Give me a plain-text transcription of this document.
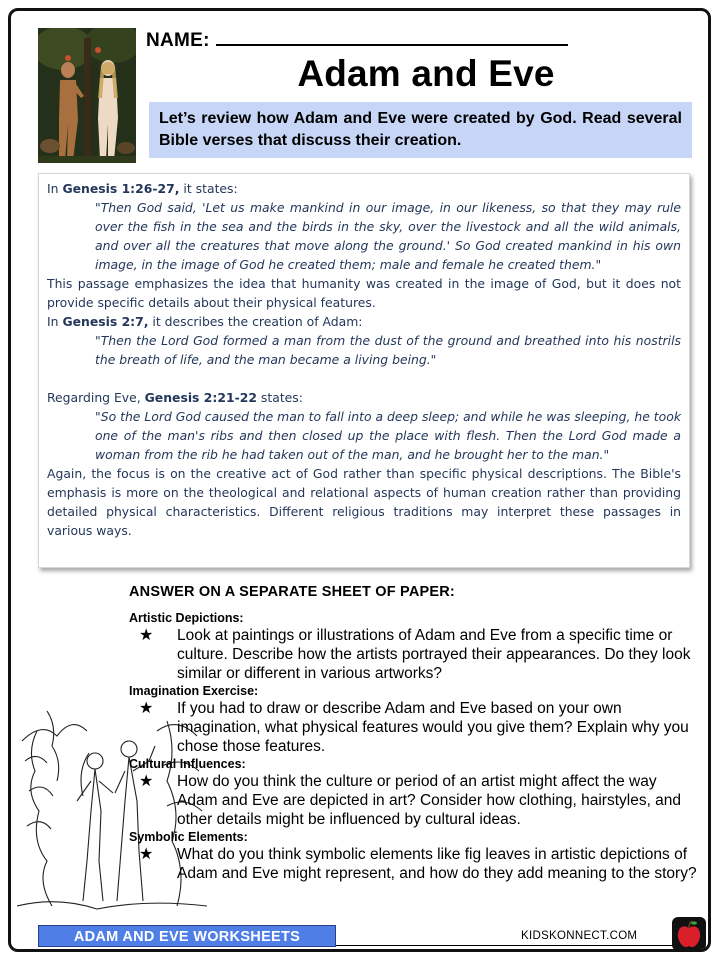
NAME:
Adam and Eve
Let’s review how Adam and Eve were created by God. Read several Bible verses that discuss their creation.

In Genesis 1:26-27, it states:

"Then God said, 'Let us make mankind in our image, in our likeness, so that they may rule over the fish in the sea and the birds in the sky, over the livestock and all the wild animals, and over all the creatures that move along the ground.' So God created mankind in his own image, in the image of God he created them; male and female he created them."

This passage emphasizes the idea that humanity was created in the image of God, but it does not provide specific details about their physical features.

In Genesis 2:7, it describes the creation of Adam:

"Then the Lord God formed a man from the dust of the ground and breathed into his nostrils the breath of life, and the man became a living being."

Regarding Eve, Genesis 2:21-22 states:

"So the Lord God caused the man to fall into a deep sleep; and while he was sleeping, he took one of the man's ribs and then closed up the place with flesh. Then the Lord God made a woman from the rib he had taken out of the man, and he brought her to the man."

Again, the focus is on the creative act of God rather than specific physical descriptions. The Bible's emphasis is more on the theological and relational aspects of human creation rather than providing detailed physical characteristics. Different religious traditions may interpret these passages in various ways.

ANSWER ON A SEPARATE SHEET OF PAPER:
Artistic Depictions:
★ Look at paintings or illustrations of Adam and Eve from a specific time or culture. Describe how the artists portrayed their appearances. Do they look similar or different in various artworks?
Imagination Exercise:
★ If you had to draw or describe Adam and Eve based on your own imagination, what physical features would you give them? Explain why you chose those features.
Cultural Influences:
★ How do you think the culture or period of an artist might affect the way Adam and Eve are depicted in art? Consider how clothing, hairstyles, and other details might be influenced by cultural ideas.
Symbolic Elements:
★ What do you think symbolic elements like fig leaves in artistic depictions of Adam and Eve might represent, and how do they add meaning to the story?
ADAM AND EVE WORKSHEETS	KIDSKONNECT.COM
